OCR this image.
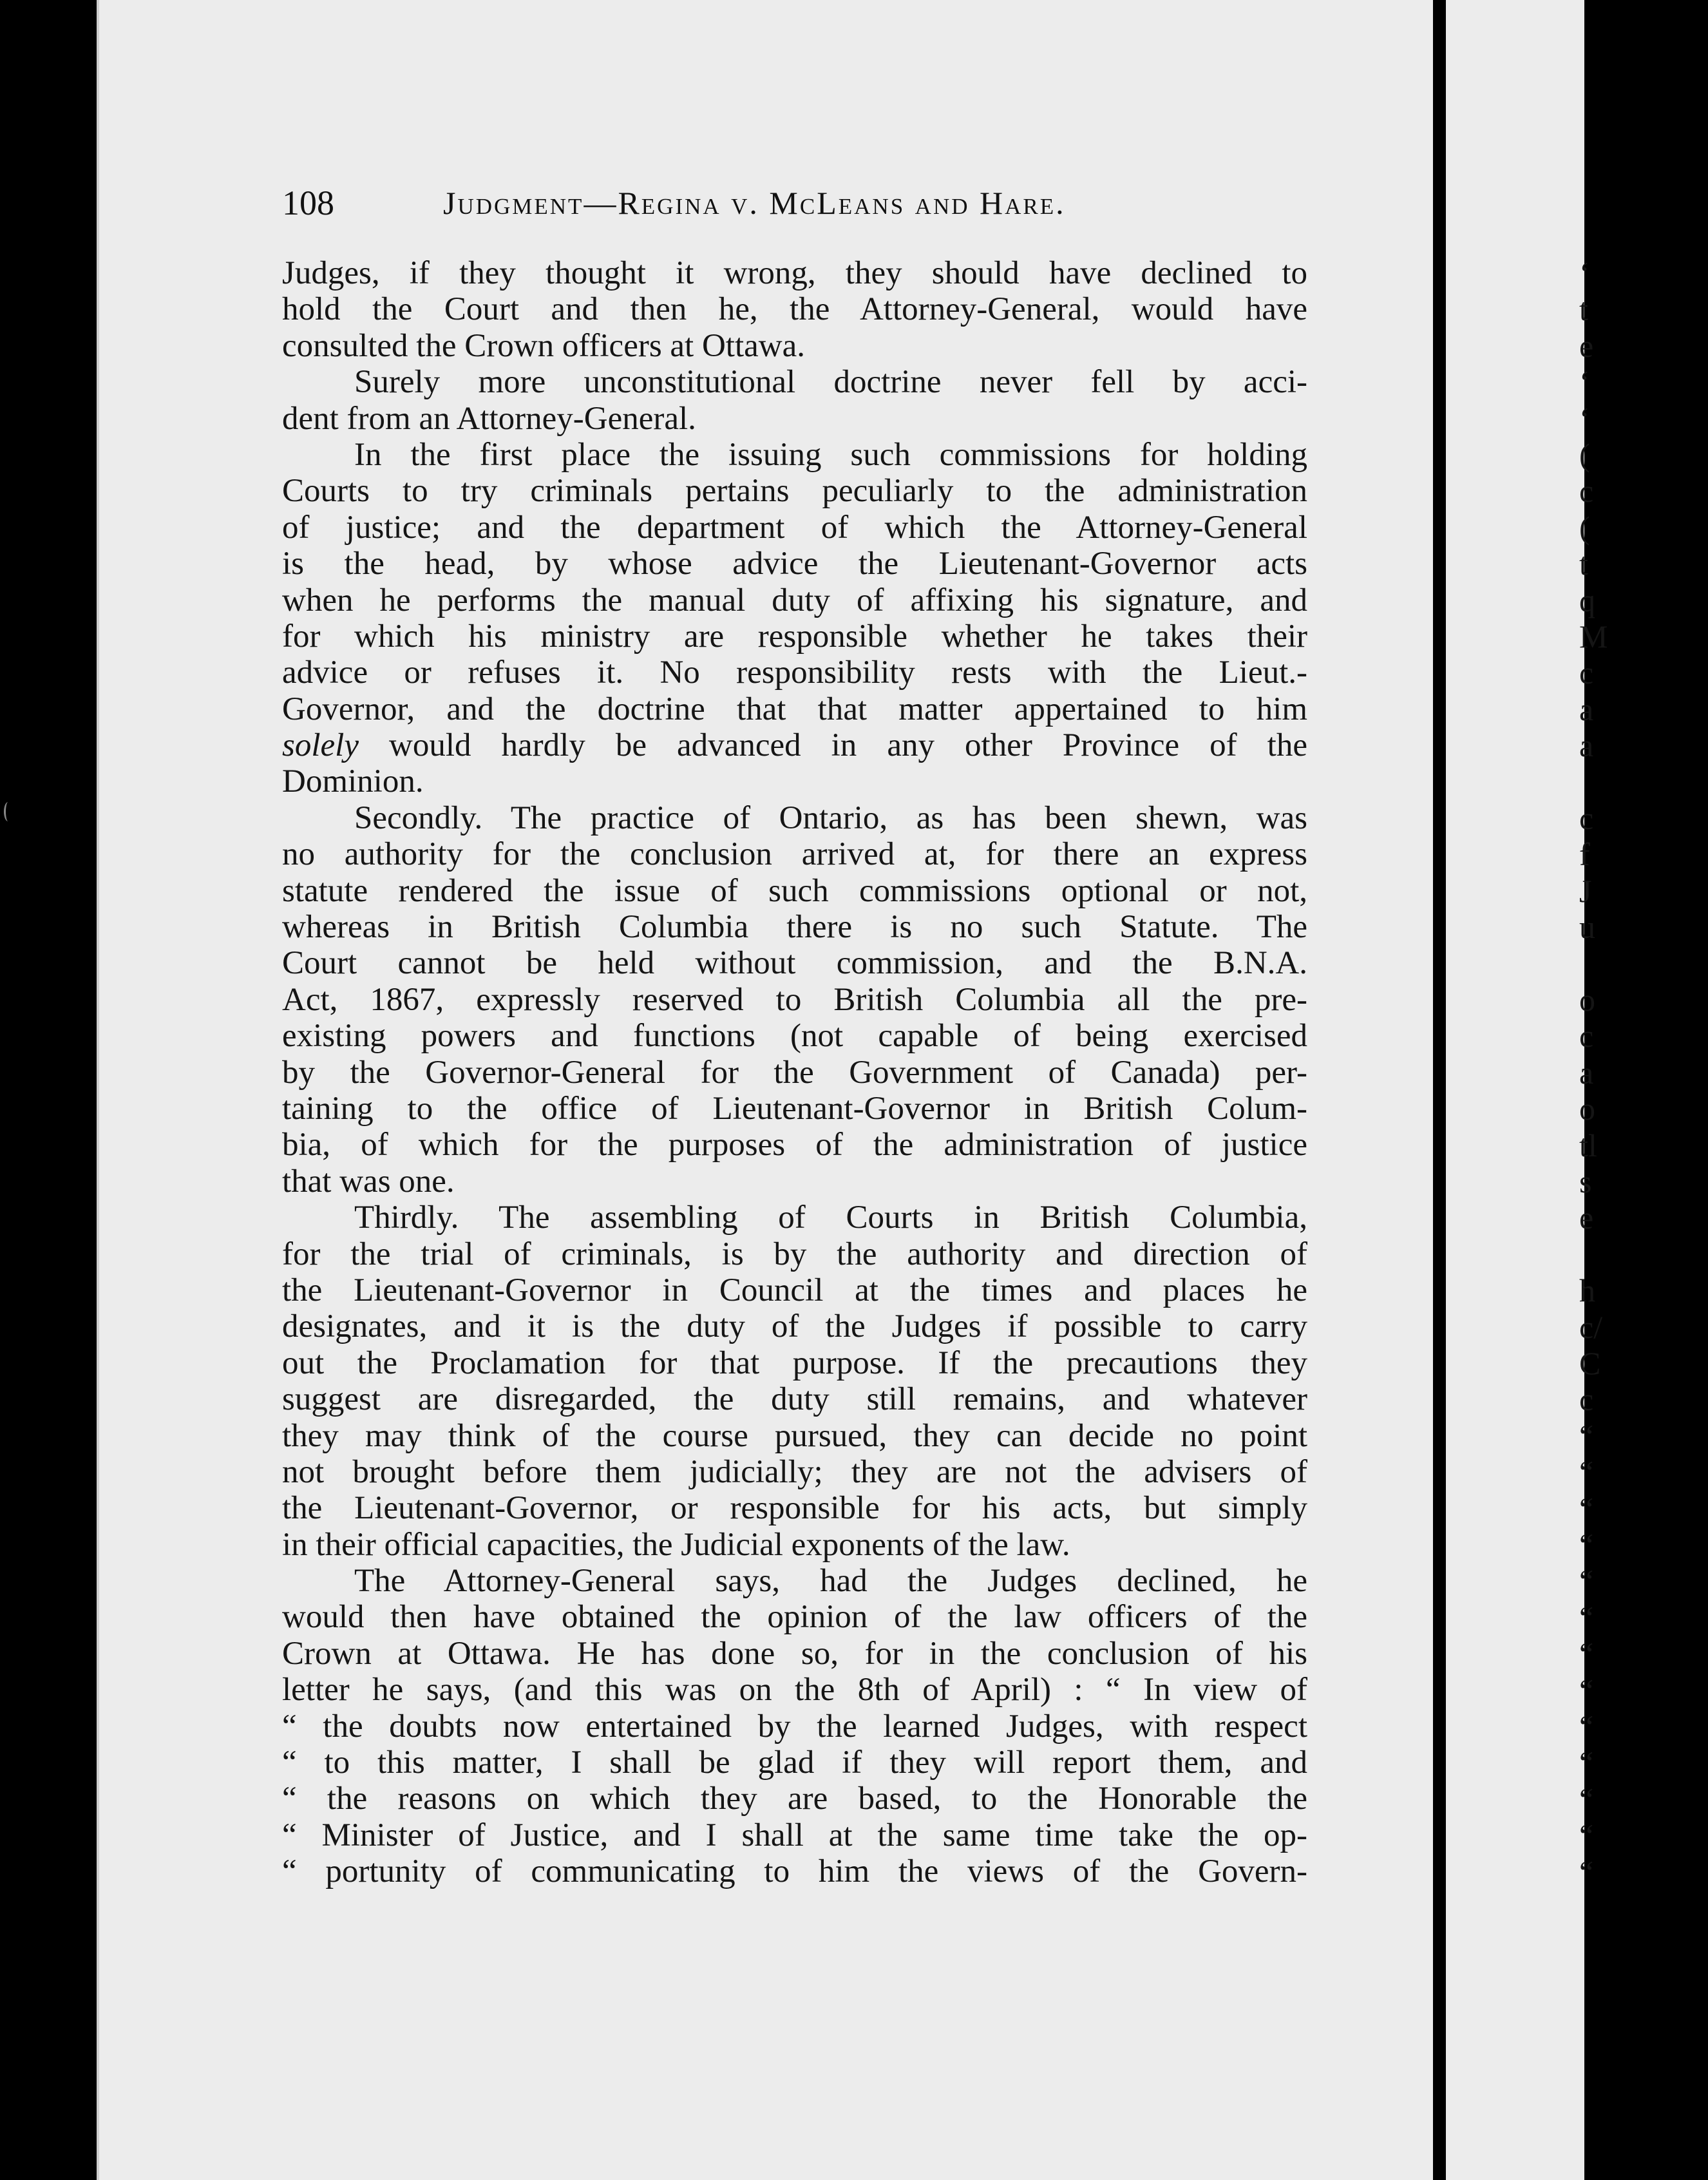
108	Judgment—Regina v. McLeans and Hare.
Judges, if they thought it wrong, they should have declined to
hold the Court and then he, the Attorney-General, would have
consulted the Crown officers at Ottawa.
Surely more unconstitutional doctrine never fell by acci-
dent from an Attorney-General.
In the first place the issuing such commissions for holding
Courts to try criminals pertains peculiarly to the administration
of justice; and the department of which the Attorney-General
is the head, by whose advice the Lieutenant-Governor acts
when he performs the manual duty of affixing his signature, and
for which his ministry are responsible whether he takes their
advice or refuses it. No responsibility rests with the Lieut.-
Governor, and the doctrine that that matter appertained to him
solely would hardly be advanced in any other Province of the
Dominion.
Secondly. The practice of Ontario, as has been shewn, was
no authority for the conclusion arrived at, for there an express
statute rendered the issue of such commissions optional or not,
whereas in British Columbia there is no such Statute. The
Court cannot be held without commission, and the B.N.A.
Act, 1867, expressly reserved to British Columbia all the pre-
existing powers and functions (not capable of being exercised
by the Governor-General for the Government of Canada) per-
taining to the office of Lieutenant-Governor in British Colum-
bia, of which for the purposes of the administration of justice
that was one.
Thirdly. The assembling of Courts in British Columbia,
for the trial of criminals, is by the authority and direction of
the Lieutenant-Governor in Council at the times and places he
designates, and it is the duty of the Judges if possible to carry
out the Proclamation for that purpose. If the precautions they
suggest are disregarded, the duty still remains, and whatever
they may think of the course pursued, they can decide no point
not brought before them judicially; they are not the advisers of
the Lieutenant-Governor, or responsible for his acts, but simply
in their official capacities, the Judicial exponents of the law.
The Attorney-General says, had the Judges declined, he
would then have obtained the opinion of the law officers of the
Crown at Ottawa. He has done so, for in the conclusion of his
letter he says, (and this was on the 8th of April) : “ In view of
“ the doubts now entertained by the learned Judges, with respect
“ to this matter, I shall be glad if they will report them, and
“ the reasons on which they are based, to the Honorable the
“ Minister of Justice, and I shall at the same time take the op-
“ portunity of communicating to him the views of the Govern-
‘
t
e
‘
‘
(
c
(
t
q
M
c
a
a
c
f
J
u
o
c
a
o
tl
s
e
h
c/
C
c
“
“
“
“
“
“
“
“
“
“
“
“
“
